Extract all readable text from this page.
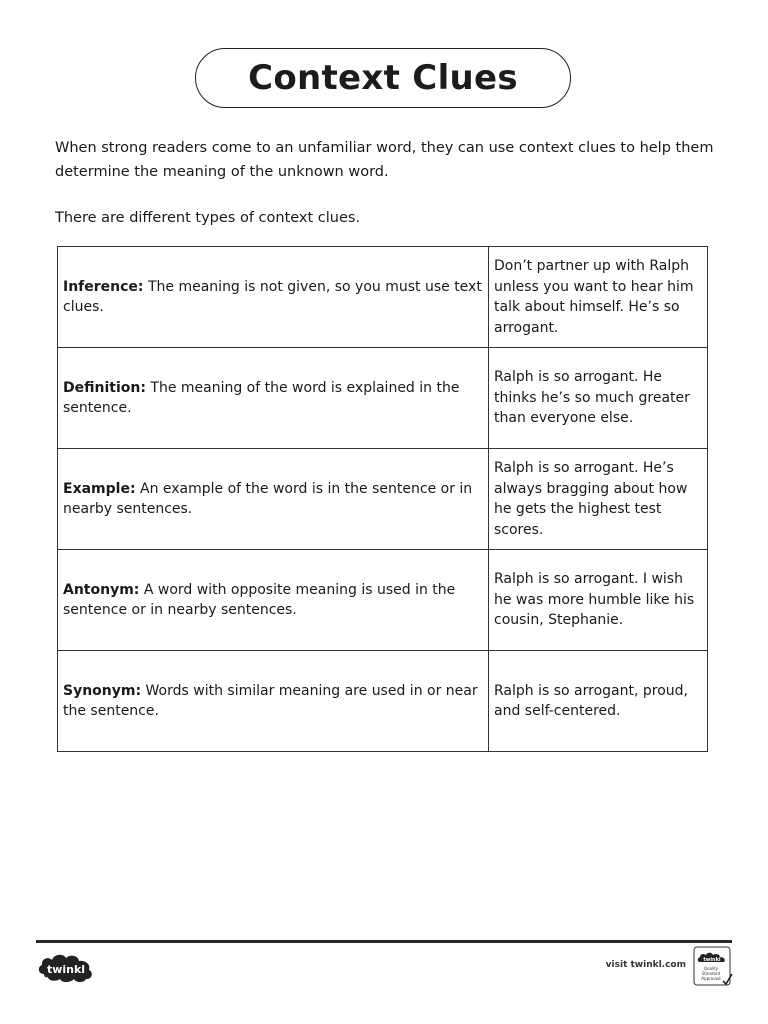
Context Clues

When strong readers come to an unfamiliar word, they can use context clues to help them determine the meaning of the unknown word.

There are different types of context clues.

Inference: The meaning is not given, so you must use text clues.	Don’t partner up with Ralph unless you want to hear him talk about himself. He’s so arrogant.
Definition: The meaning of the word is explained in the sentence.	Ralph is so arrogant. He thinks he’s so much greater than everyone else.
Example: An example of the word is in the sentence or in nearby sentences.	Ralph is so arrogant. He’s always bragging about how he gets the highest test scores.
Antonym: A word with opposite meaning is used in the sentence or in nearby sentences.	Ralph is so arrogant. I wish he was more humble like his cousin, Stephanie.
Synonym: Words with similar meaning are used in or near the sentence.	Ralph is so arrogant, proud, and self-centered.
twinkl	visit twinkl.com	twinkl
Quality Standard Approved
